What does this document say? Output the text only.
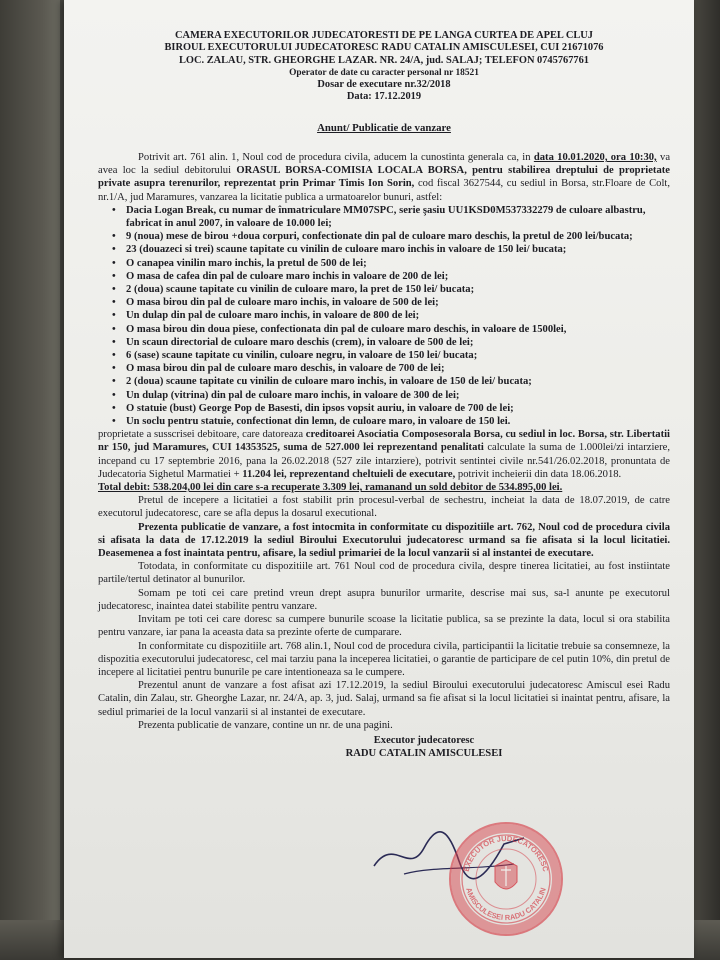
CAMERA EXECUTORILOR JUDECATORESTI DE PE LANGA CURTEA DE APEL CLUJ
BIROUL EXECUTORULUI JUDECATORESC RADU CATALIN AMISCULESEI, CUI 21671076
LOC. ZALAU, STR. GHEORGHE LAZAR. NR. 24/A, jud. SALAJ; TELEFON 0745767761
Operator de date cu caracter personal nr 18521
Dosar de executare nr.32/2018
Data: 17.12.2019
Anunt/ Publicatie de vanzare

Potrivit art. 761 alin. 1, Noul cod de procedura civila, aducem la cunostinta generala ca, in data 10.01.2020, ora 10:30, va avea loc la sediul debitorului ORASUL BORSA-COMISIA LOCALA BORSA, pentru stabilirea dreptului de proprietate private asupra terenurilor, reprezentat prin Primar Timis Ion Sorin, cod fiscal 3627544, cu sediul in Borsa, str.Floare de Colt, nr.1/A, jud Maramures, vanzarea la licitatie publica a urmatoarelor bunuri, astfel:

• Dacia Logan Break, cu numar de înmatriculare MM07SPC, serie şasiu UU1KSD0M537332279 de culoare albastru, fabricat in anul 2007, in valoare de 10.000 lei;
• 9 (noua) mese de birou +doua corpuri, confectionate din pal de culoare maro deschis, la pretul de 200 lei/bucata;
• 23 (douazeci si trei) scaune tapitate cu vinilin de culoare maro inchis in valoare de 150 lei/ bucata;
• O canapea vinilin maro inchis, la pretul de 500 de lei;
• O masa de cafea din pal de culoare maro inchis in valoare de 200 de lei;
• 2 (doua) scaune tapitate cu vinilin de culoare maro, la pret de 150 lei/ bucata;
• O masa birou din pal de culoare maro inchis, in valoare de 500 de lei;
• Un dulap din pal de culoare maro inchis, in valoare de 800 de lei;
• O masa birou din doua piese, confectionata din pal de culoare maro deschis, in valoare de 1500lei,
• Un scaun directorial de culoare maro deschis (crem), in valoare de 500 de lei;
• 6 (sase) scaune tapitate cu vinilin, culoare negru, in valoare de 150 lei/ bucata;
• O masa birou din pal de culoare maro deschis, in valoare de 700 de lei;
• 2 (doua) scaune tapitate cu vinilin de culoare maro inchis, in valoare de 150 de lei/ bucata;
• Un dulap (vitrina) din pal de culoare maro inchis, in valoare de 300 de lei;
• O statuie (bust) George Pop de Basesti, din ipsos vopsit auriu, in valoare de 700 de lei;
• Un soclu pentru statuie, confectionat din lemn, de culoare maro, in valoare de 150 lei.

proprietate a susscrisei debitoare, care datoreaza creditoarei Asociatia Composesorala Borsa, cu sediul in loc. Borsa, str. Libertatii nr 150, jud Maramures, CUI 14353525, suma de 527.000 lei reprezentand penalitati calculate la suma de 1.000lei/zi intarziere, incepand cu 17 septembrie 2016, pana la 26.02.2018 (527 zile intarziere), potrivit sentintei civile nr.541/26.02.2018, pronuntata de Judecatoria Sighetul Marmatiei + 11.204 lei, reprezentand cheltuieli de executare, potrivit incheierii din data 18.06.2018.

Total debit: 538.204,00 lei din care s-a recuperate 3.309 lei, ramanand un sold debitor de 534.895,00 lei.

Pretul de incepere a licitatiei a fost stabilit prin procesul-verbal de sechestru, incheiat la data de 18.07.2019, de catre executorul judecatoresc, care se afla depus la dosarul executional.

Prezenta publicatie de vanzare, a fost intocmita in conformitate cu dispozitiile art. 762, Noul cod de procedura civila si afisata la data de 17.12.2019 la sediul Biroului Executorului judecatoresc urmand sa fie afisata si la locul licitatiei. Deasemenea a fost inaintata pentru, afisare, la sediul primariei de la locul vanzarii si al instantei de executare.

Totodata, in conformitate cu dispozitiile art. 761 Noul cod de procedura civila, despre tinerea licitatiei, au fost instiintate partile/tertul detinator al bunurilor.

Somam pe toti cei care pretind vreun drept asupra bunurilor urmarite, descrise mai sus, sa-l anunte pe executorul judecatoresc, inaintea datei stabilite pentru vanzare.

Invitam pe toti cei care doresc sa cumpere bunurile scoase la licitatie publica, sa se prezinte la data, locul si ora stabilita pentru vanzare, iar pana la aceasta data sa prezinte oferte de cumparare.

In conformitate cu dispozitiile art. 768 alin.1, Noul cod de procedura civila, participantii la licitatie trebuie sa consemneze, la dispozitia executorului judecatoresc, cel mai tarziu pana la inceperea licitatiei, o garantie de participare de cel putin 10%, din pretul de incepere al licitatiei pentru bunurile pe care intentioneaza sa le cumpere.

Prezentul anunt de vanzare a fost afisat azi 17.12.2019, la sediul Biroului executorului judecatoresc Amiscul esei Radu Catalin, din Zalau, str. Gheorghe Lazar, nr. 24/A, ap. 3, jud. Salaj, urmand sa fie afisat si la locul licitatiei si inaintat pentru, afisare, la sediul primariei de la locul vanzarii si al instantei de executare.

Prezenta publicatie de vanzare, contine un nr. de una pagini.

Executor judecatoresc
RADU CATALIN AMISCULESEI
EXECUTOR JUDECATORESC
AMISCULESEI RADU CATALIN
